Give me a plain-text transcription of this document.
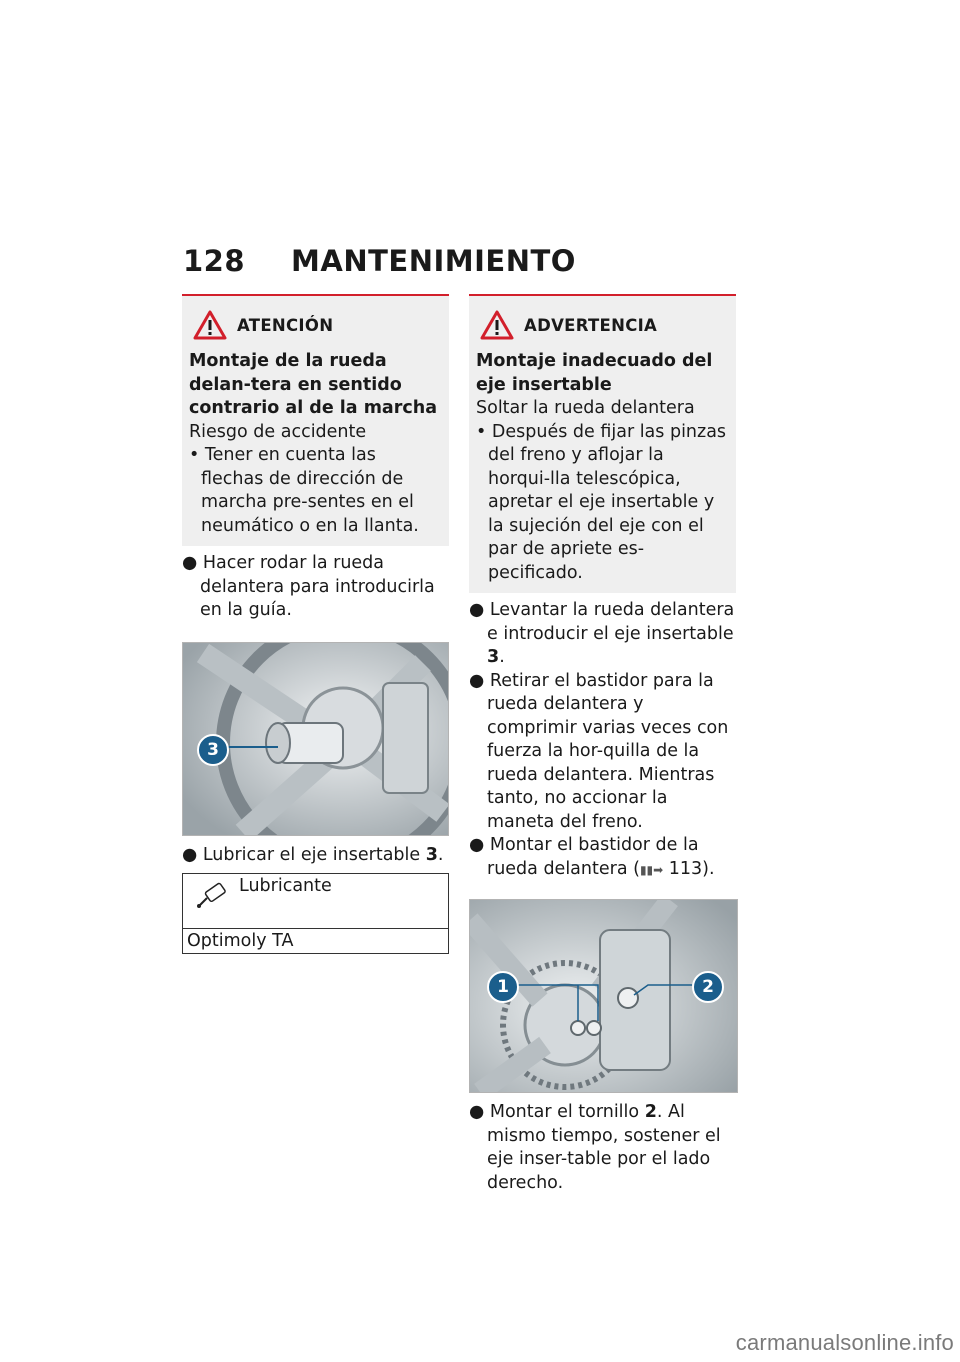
128 MANTENIMIENTO
ATENCIÓN
Montaje de la rueda delan-tera en sentido contrario al de la marcha
Riesgo de accidente
• Tener en cuenta las flechas de dirección de marcha pre-sentes en el neumático o en la llanta.
● Hacer rodar la rueda delantera para introducirla en la guía.
3
● Lubricar el eje insertable 3.
Lubricante
Optimoly TA
ADVERTENCIA
Montaje inadecuado del eje insertable
Soltar la rueda delantera
• Después de fijar las pinzas del freno y aflojar la horqui-lla telescópica, apretar el eje insertable y la sujeción del eje con el par de apriete es-pecificado.
● Levantar la rueda delantera e introducir el eje insertable 3.
● Retirar el bastidor para la rueda delantera y comprimir varias veces con fuerza la hor-quilla de la rueda delantera. Mientras tanto, no accionar la maneta del freno.
● Montar el bastidor de la rueda delantera (▮▮➡ 113).
1	2
● Montar el tornillo 2. Al mismo tiempo, sostener el eje inser-table por el lado derecho.
carmanualsonline.info
